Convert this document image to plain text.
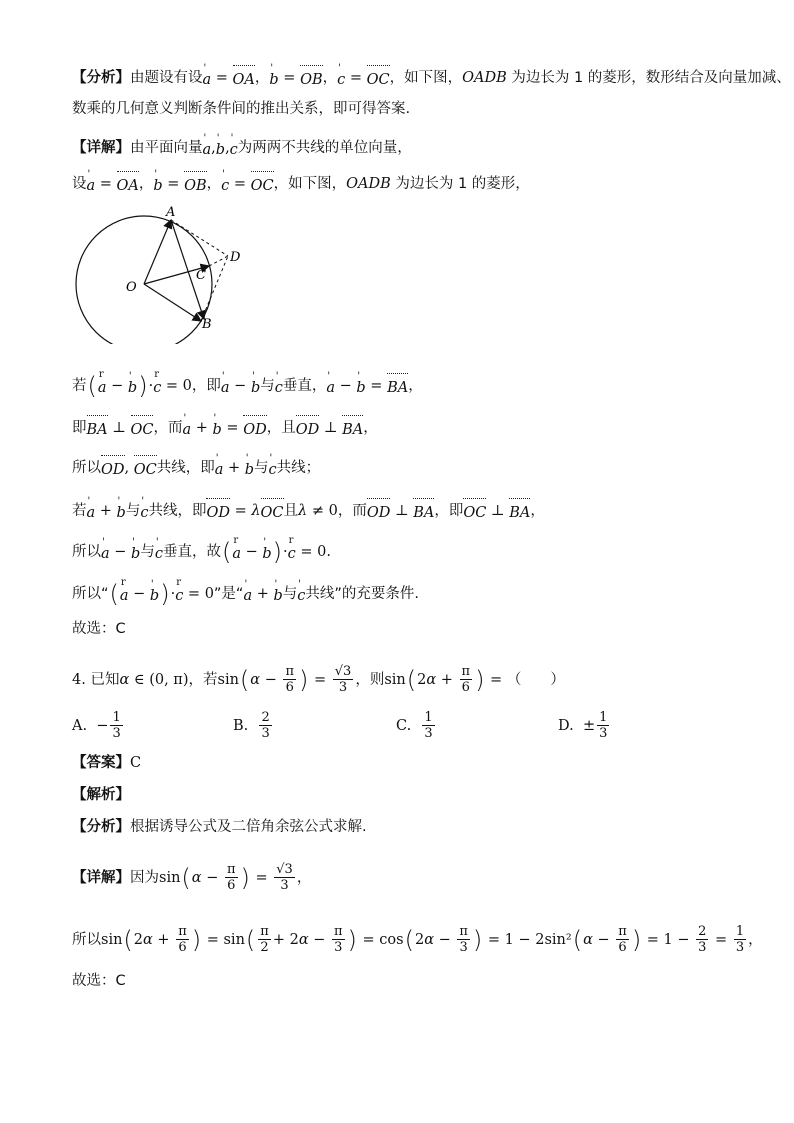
【分析】 由题设有设 ' a = OA ， ' b = OB ， ' c = OC ，如下图， OADB
为边长为 1 的菱形，数形结合及向量加减、
数乘的几何意义判断条件间的推出关系，即可得答案.
【详解】 由平面向量 ' a , ' b , ' c 为两两不共线的单位向量，
设 ' a = OA ， ' b = OB ， ' c = OC ，如下图， OADB
为边长为 1 的菱形，
A
B
C
D
O
若 ( r a − ' b ) · r c = 0 ，即 ' a − ' b 与 ' c 垂直， ' a − ' b = BA ，
即 BA ⊥ OC ，而 ' a + ' b = OD ，且 OD ⊥ BA ，
所以 OD , OC 共线，即 ' a + ' b 与 ' c 共线；
若 ' a + ' b 与 ' c 共线，即 OD = λ OC 且 λ ≠ 0 ，而 OD ⊥ BA ，即 OC ⊥ BA ，
所以 ' a − ' b 与 ' c 垂直，故 ( r a − ' b ) · r c = 0.
所以“ ( r a − ' b ) · r c = 0 ”是“ ' a + ' b 与 ' c 共线”的充要条件.
故选：C
4.
已知 α ∈ (0, π) ，若 sin ( $\alpha - \frac{\pi}{6}$ ) = $\frac{√3}{3}$ ，则 sin ( 2 $\alpha + \frac{\pi}{6}$ ) = （　　）
A.
− $\frac{1}{3}$	B.
$\frac{2}{3}$	C.
$\frac{1}{3}$	D.
± $\frac{1}{3}$
【答案】 C
【解析】
【分析】 根据诱导公式及二倍角余弦公式求解.
【详解】 因为 sin ( $\alpha - \frac{\pi}{6}$ ) = $\frac{√3}{3}$ ，
所以 sin ( 2 $\alpha + \frac{\pi}{6}$ ) = sin ( $\frac{\pi}{2} + 2$ $\alpha - \frac{\pi}{3}$ ) = cos ( 2 $\alpha - \frac{\pi}{3}$ ) = 1 − 2sin² ( $\alpha - \frac{\pi}{6}$ ) = $1 - \frac{2}{3} = \frac{1}{3}$ ，
故选：C
